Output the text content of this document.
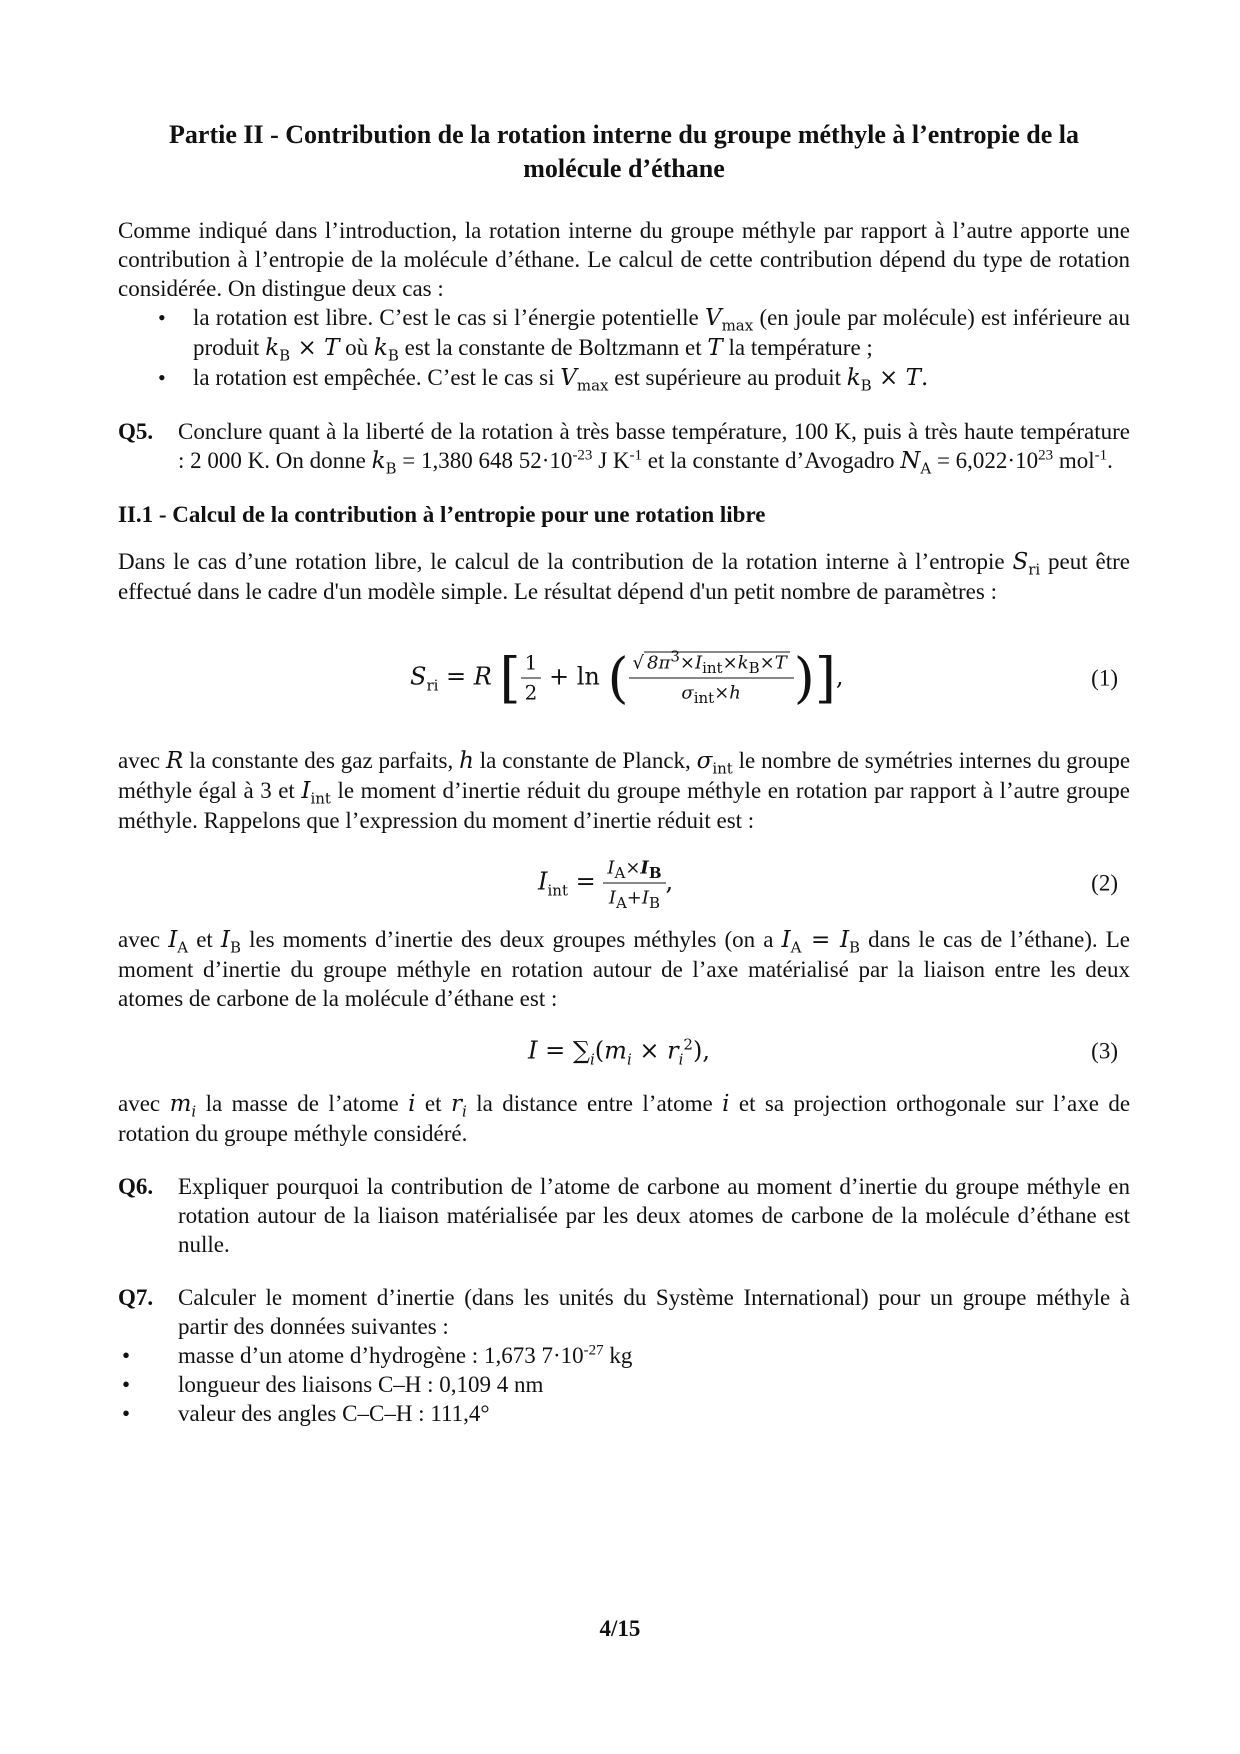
Partie II - Contribution de la rotation interne du groupe méthyle à l’entropie de la molécule d’éthane

Comme indiqué dans l’introduction, la rotation interne du groupe méthyle par rapport à l’autre apporte une contribution à l’entropie de la molécule d’éthane. Le calcul de cette contribution dépend du type de rotation considérée. On distingue deux cas :

• la rotation est libre. C’est le cas si l’énergie potentielle $V_{max}$ (en joule par molécule) est inférieure au produit $k_B \times T$ où $k_B$ est la constante de Boltzmann et T la température ;
• la rotation est empêchée. C’est le cas si $V_{max}$ est supérieure au produit $k_B \times T$.
Q5.	Conclure quant à la liberté de la rotation à très basse température, 100 K, puis à très haute température : 2 000 K. On donne $k_B = 1,380$ 648 $52\cdot 10^{-23}$ J $K^{-1}$ et la constante d’Avogadro $N_A = 6,022\cdot 10^{23}$ mol$^{-1}$.
II.1 - Calcul de la contribution à l’entropie pour une rotation libre

Dans le cas d’une rotation libre, le calcul de la contribution de la rotation interne à l’entropie $S_{ri}$ peut être effectué dans le cadre d'un modèle simple. Le résultat dépend d'un petit nombre de paramètres :

$S_{ri} = R$ [ $\frac{1}{2} + \ln$ ( $\frac{√ 8\pi^3\times I_{int}\times k_B\times T}{\sigma_{int}\times h}$ )],	(1)

avec R la constante des gaz parfaits, h la constante de Planck, $\sigma_{int}$ le nombre de symétries internes du groupe méthyle égal à 3 et $I_{int}$ le moment d’inertie réduit du groupe méthyle en rotation par rapport à l’autre groupe méthyle. Rappelons que l’expression du moment d’inertie réduit est :

$I_{int} = \frac{I_A\times I_B}{I_A+I_B}$ ,	(2)

avec $I_A$ et $I_B$ les moments d’inertie des deux groupes méthyles (on a $I_A = I_B$ dans le cas de l’éthane). Le moment d’inertie du groupe méthyle en rotation autour de l’axe matérialisé par la liaison entre les deux atomes de carbone de la molécule d’éthane est :

$I = \sum_i(m_i \times r_i^2)$,	(3)

avec $m_i$ la masse de l’atome i et $r_i$ la distance entre l’atome i et sa projection orthogonale sur l’axe de rotation du groupe méthyle considéré.

Q6.	Expliquer pourquoi la contribution de l’atome de carbone au moment d’inertie du groupe méthyle en rotation autour de la liaison matérialisée par les deux atomes de carbone de la molécule d’éthane est nulle.
Q7.	Calculer le moment d’inertie (dans les unités du Système International) pour un groupe méthyle à partir des données suivantes :
• masse d’un atome d’hydrogène : 1,673 $7\cdot 10^{-27}$ kg
• longueur des liaisons C–H : 0,109 4 nm
• valeur des angles C–C–H : 111,4°
4/15
